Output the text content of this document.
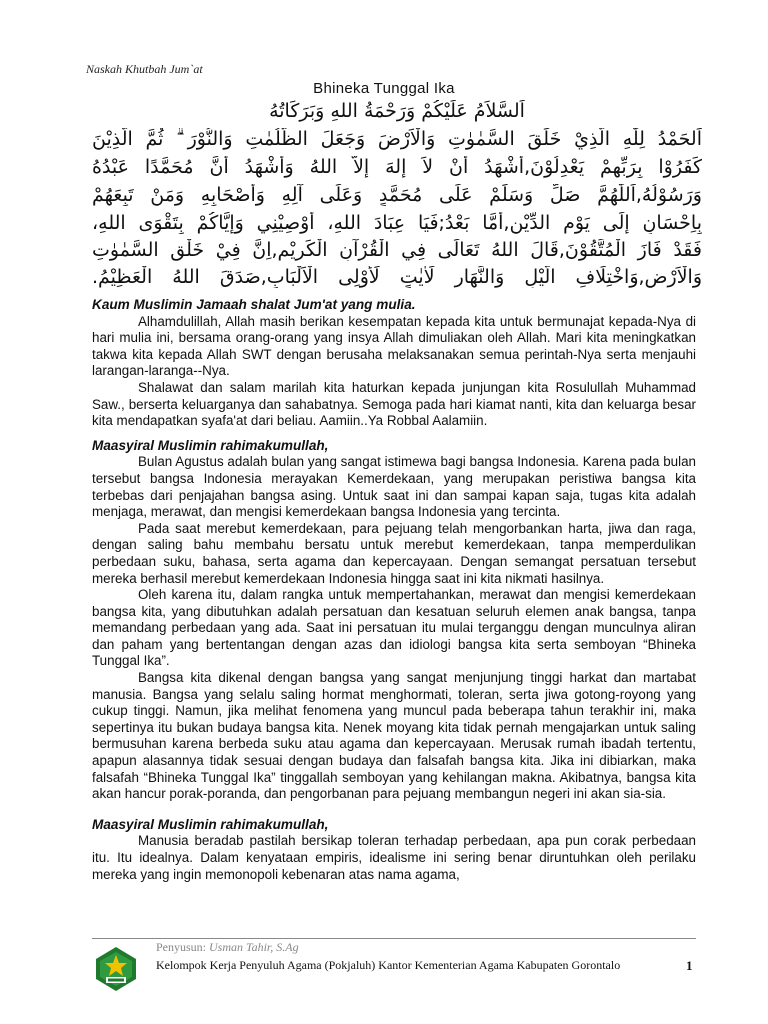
Naskah Khutbah Jum`at
Bhineka Tunggal Ika
اَلسَّلاَمُ عَلَيْكُمْ وَرَحْمَةُ اللهِ وَبَرَكَاتُهُ
اَلحَمْدُ لِلّٰهِ الَّذِيْ خَلَقَ السَّمٰوٰتِ وَالْاَرْضَ وَجَعَلَ الظُّلُمٰتِ وَالنُّوْرَ ۗ ثُمَّ الَّذِيْنَ
كَفَرُوْا بِرَبِّهِمْ يَعْدِلُوْنَ,أَشْهَدُ أَنْ لاَ إِلهَ إِلاَّ اللهُ وَأَشْهَدُ أَنَّ مُحَمَّدًا عَبْدُهُ
وَرَسُوْلُهُ,اَللّٰهُمَّ صَلِّ وَسَلِّمْ عَلَى مُحَمَّدٍ وَعَلَى آلِهِ وَأَصْحَابِهِ وَمَنْ تَبِعَهُمْ
بِاِحْسَانٍ إِلَى يَوْمِ الدِّيْنِ,أَمَّا بَعْدُ;فَيَا عِبَادَ اللهِ، أُوْصِيْنِي وَإِيَّاكُمْ بِتَقْوَى اللهِ،
فَقَدْ فَازَ الْمُتَّقُوْنَ,قَالَ اللهُ تَعَالَى فِي الْقُرْآنِ الْكَرِيْمِ,اِنَّ فِيْ خَلْقِ السَّمٰوٰتِ
وَالْاَرْضِ,وَاخْتِلَافِ الَّيْلِ وَالنَّهَارِ لَاٰيٰتٍ لِّأُوْلِى الْاَلْبَابِ,صَدَقَ اللهُ الْعَظِيْمُ.
Kaum Muslimin Jamaah shalat Jum'at yang mulia.

Alhamdulillah, Allah masih berikan kesempatan kepada kita untuk bermunajat kepada-Nya di hari mulia ini, bersama orang-orang yang insya Allah dimuliakan oleh Allah. Mari kita meningkatkan takwa kita kepada Allah SWT dengan berusaha melaksanakan semua perintah-Nya serta menjauhi larangan-laranga--Nya.

Shalawat dan salam marilah kita haturkan kepada junjungan kita Rosulullah Muhammad Saw., berserta keluarganya dan sahabatnya. Semoga pada hari kiamat nanti, kita dan keluarga besar kita mendapatkan syafa'at dari beliau. Aamiin..Ya Robbal Aalamiin.

Maasyiral Muslimin rahimakumullah,

Bulan Agustus adalah bulan yang sangat istimewa bagi bangsa Indonesia. Karena pada bulan tersebut bangsa Indonesia merayakan Kemerdekaan, yang merupakan peristiwa bangsa kita terbebas dari penjajahan bangsa asing. Untuk saat ini dan sampai kapan saja, tugas kita adalah menjaga, merawat, dan mengisi kemerdekaan bangsa Indonesia yang tercinta.

Pada saat merebut kemerdekaan, para pejuang telah mengorbankan harta, jiwa dan raga, dengan saling bahu membahu bersatu untuk merebut kemerdekaan, tanpa memperdulikan perbedaan suku, bahasa, serta agama dan kepercayaan. Dengan semangat persatuan tersebut mereka berhasil merebut kemerdekaan Indonesia hingga saat ini kita nikmati hasilnya.

Oleh karena itu, dalam rangka untuk mempertahankan, merawat dan mengisi kemerdekaan bangsa kita, yang dibutuhkan adalah persatuan dan kesatuan seluruh elemen anak bangsa, tanpa memandang perbedaan yang ada. Saat ini persatuan itu mulai terganggu dengan munculnya aliran dan paham yang bertentangan dengan azas dan idiologi bangsa kita serta semboyan “Bhineka Tunggal Ika”.

Bangsa kita dikenal dengan bangsa yang sangat menjunjung tinggi harkat dan martabat manusia. Bangsa yang selalu saling hormat menghormati, toleran, serta jiwa gotong-royong yang cukup tinggi. Namun, jika melihat fenomena yang muncul pada beberapa tahun terakhir ini, maka sepertinya itu bukan budaya bangsa kita. Nenek moyang kita tidak pernah mengajarkan untuk saling bermusuhan karena berbeda suku atau agama dan kepercayaan. Merusak rumah ibadah tertentu, apapun alasannya tidak sesuai dengan budaya dan falsafah bangsa kita. Jika ini dibiarkan, maka falsafah “Bhineka Tunggal Ika” tinggallah semboyan yang kehilangan makna. Akibatnya, bangsa kita akan hancur porak-poranda, dan pengorbanan para pejuang membangun negeri ini akan sia-sia.

Maasyiral Muslimin rahimakumullah,

Manusia beradab pastilah bersikap toleran terhadap perbedaan, apa pun corak perbedaan itu. Itu idealnya. Dalam kenyataan empiris, idealisme ini sering benar diruntuhkan oleh perilaku mereka yang ingin memonopoli kebenaran atas nama agama,

Penyusun: Usman Tahir, S.Ag
Kelompok Kerja Penyuluh Agama (Pokjaluh) Kantor Kementerian Agama Kabupaten Gorontalo	1
